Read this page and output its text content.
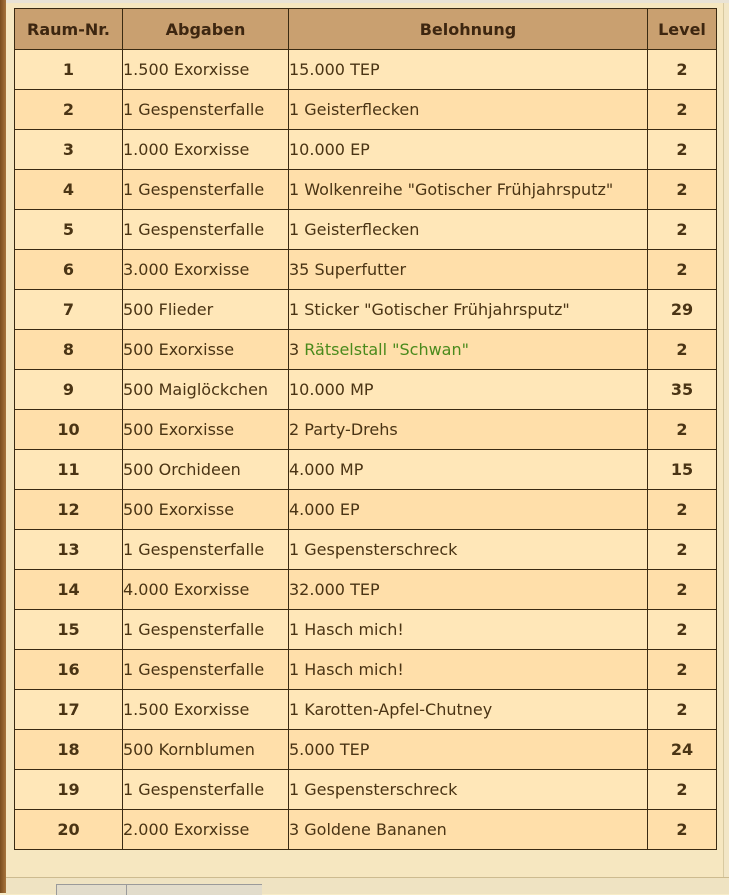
Raum-Nr.	Abgaben	Belohnung	Level
1	1.500 Exorxisse	15.000 TEP	2
2	1 Gespensterfalle	1 Geisterflecken	2
3	1.000 Exorxisse	10.000 EP	2
4	1 Gespensterfalle	1 Wolkenreihe "Gotischer Frühjahrsputz"	2
5	1 Gespensterfalle	1 Geisterflecken	2
6	3.000 Exorxisse	35 Superfutter	2
7	500 Flieder	1 Sticker "Gotischer Frühjahrsputz"	29
8	500 Exorxisse	3 Rätselstall "Schwan"	2
9	500 Maiglöckchen	10.000 MP	35
10	500 Exorxisse	2 Party-Drehs	2
11	500 Orchideen	4.000 MP	15
12	500 Exorxisse	4.000 EP	2
13	1 Gespensterfalle	1 Gespensterschreck	2
14	4.000 Exorxisse	32.000 TEP	2
15	1 Gespensterfalle	1 Hasch mich!	2
16	1 Gespensterfalle	1 Hasch mich!	2
17	1.500 Exorxisse	1 Karotten-Apfel-Chutney	2
18	500 Kornblumen	5.000 TEP	24
19	1 Gespensterfalle	1 Gespensterschreck	2
20	2.000 Exorxisse	3 Goldene Bananen	2
